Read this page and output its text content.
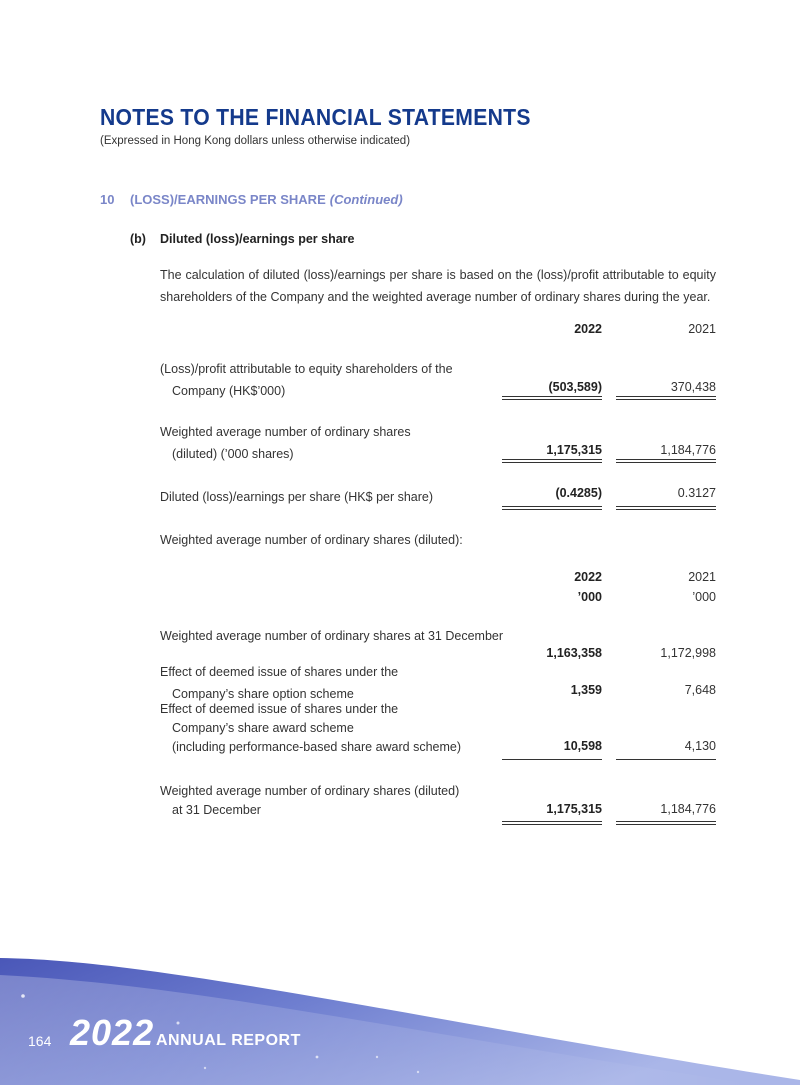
NOTES TO THE FINANCIAL STATEMENTS
(Expressed in Hong Kong dollars unless otherwise indicated)
10 (LOSS)/EARNINGS PER SHARE (Continued)
(b) Diluted (loss)/earnings per share
The calculation of diluted (loss)/earnings per share is based on the (loss)/profit attributable to equity shareholders of the Company and the weighted average number of ordinary shares during the year.
2022	2021
(Loss)/profit attributable to equity shareholders of the
Company (HK$’000)	(503,589)	370,438
Weighted average number of ordinary shares
(diluted) (’000 shares)	1,175,315	1,184,776
Diluted (loss)/earnings per share (HK$ per share)	(0.4285)	0.3127
Weighted average number of ordinary shares (diluted):
2022	2021
’000	’000
Weighted average number of ordinary shares at 31 December
1,163,358	1,172,998
Effect of deemed issue of shares under the
Company’s share option scheme	1,359	7,648
Effect of deemed issue of shares under the
Company’s share award scheme
(including performance-based share award scheme)	10,598	4,130
Weighted average number of ordinary shares (diluted)
at 31 December	1,175,315	1,184,776
164 2022 ANNUAL REPORT
